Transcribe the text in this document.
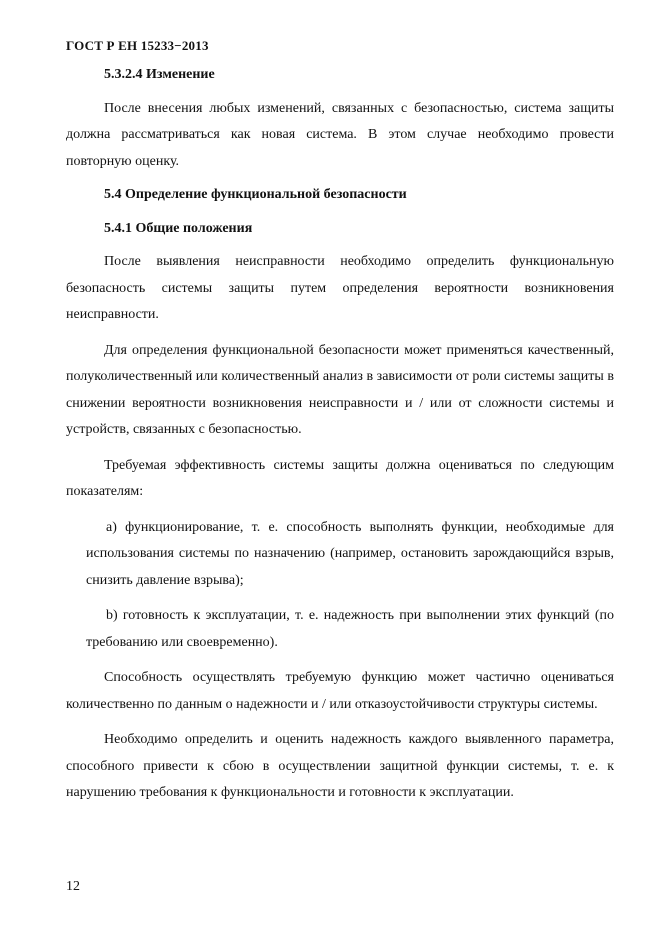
ГОСТ Р ЕН 15233−2013

5.3.2.4 Изменение

После внесения любых изменений, связанных с безопасностью, система защиты должна рассматриваться как новая система. В этом случае необходимо провести повторную оценку.

5.4 Определение функциональной безопасности

5.4.1 Общие положения

После выявления неисправности необходимо определить функциональную безопасность системы защиты путем определения вероятности возникновения неисправности.

Для определения функциональной безопасности может применяться качественный, полуколичественный или количественный анализ в зависимости от роли системы защиты в снижении вероятности возникновения неисправности и / или от сложности системы и устройств, связанных с безопасностью.

Требуемая эффективность системы защиты должна оцениваться по следующим показателям:

а) функционирование, т. е. способность выполнять функции, необходимые для использования системы по назначению (например, остановить зарождающийся взрыв, снизить давление взрыва);

b) готовность к эксплуатации, т. е. надежность при выполнении этих функций (по требованию или своевременно).

Способность осуществлять требуемую функцию может частично оцениваться количественно по данным о надежности и / или отказоустойчивости структуры системы.

Необходимо определить и оценить надежность каждого выявленного параметра, способного привести к сбою в осуществлении защитной функции системы, т. е. к нарушению требования к функциональности и готовности к эксплуатации.

12
